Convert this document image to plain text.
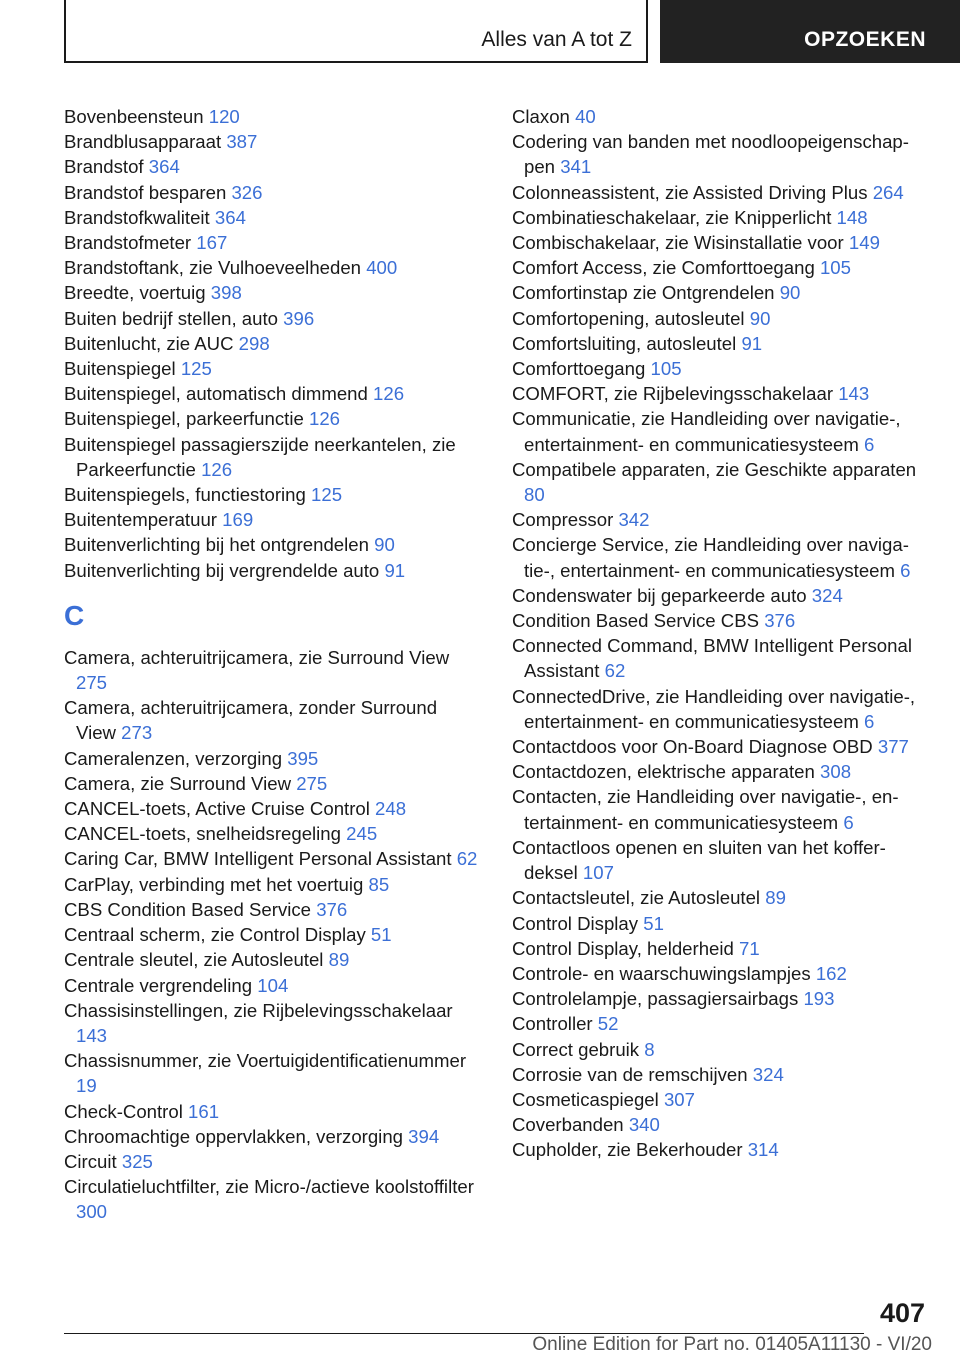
Alles van A tot Z	OPZOEKEN

Bovenbeensteun 120

Brandblusapparaat 387

Brandstof 364

Brandstof besparen 326

Brandstofkwaliteit 364

Brandstofmeter 167

Brandstoftank, zie Vulhoeveelheden 400

Breedte, voertuig 398

Buiten bedrijf stellen, auto 396

Buitenlucht, zie AUC 298

Buitenspiegel 125

Buitenspiegel, automatisch dimmend 126

Buitenspiegel, parkeerfunctie 126

Buitenspiegel passagierszijde neerkantelen, zie Parkeerfunctie 126

Buitenspiegels, functiestoring 125

Buitentemperatuur 169

Buitenverlichting bij het ontgrendelen 90

Buitenverlichting bij vergrendelde auto 91

C

Camera, achteruitrijcamera, zie Surround View 275

Camera, achteruitrijcamera, zonder Surround View 273

Cameralenzen, verzorging 395

Camera, zie Surround View 275

CANCEL-toets, Active Cruise Control 248

CANCEL-toets, snelheidsregeling 245

Caring Car, BMW Intelligent Personal Assistant 62

CarPlay, verbinding met het voertuig 85

CBS Condition Based Service 376

Centraal scherm, zie Control Display 51

Centrale sleutel, zie Autosleutel 89

Centrale vergrendeling 104

Chassisinstellingen, zie Rijbelevingsschakelaar 143

Chassisnummer, zie Voertuigidentificatienummer 19

Check-Control 161

Chroomachtige oppervlakken, verzorging 394

Circuit 325

Circulatieluchtfilter, zie Micro-/actieve koolstoffilter 300

Claxon 40

Codering van banden met noodloopeigenschappen 341

Colonneassistent, zie Assisted Driving Plus 264

Combinatieschakelaar, zie Knipperlicht 148

Combischakelaar, zie Wisinstallatie voor 149

Comfort Access, zie Comforttoegang 105

Comfortinstap zie Ontgrendelen 90

Comfortopening, autosleutel 90

Comfortsluiting, autosleutel 91

Comforttoegang 105

COMFORT, zie Rijbelevingsschakelaar 143

Communicatie, zie Handleiding over navigatie-, entertainment- en communicatiesysteem 6

Compatibele apparaten, zie Geschikte apparaten 80

Compressor 342

Concierge Service, zie Handleiding over navigatie-, entertainment- en communicatiesysteem 6

Condenswater bij geparkeerde auto 324

Condition Based Service CBS 376

Connected Command, BMW Intelligent Personal Assistant 62

ConnectedDrive, zie Handleiding over navigatie-, entertainment- en communicatiesysteem 6

Contactdoos voor On-Board Diagnose OBD 377

Contactdozen, elektrische apparaten 308

Contacten, zie Handleiding over navigatie-, entertainment- en communicatiesysteem 6

Contactloos openen en sluiten van het kofferdeksel 107

Contactsleutel, zie Autosleutel 89

Control Display 51

Control Display, helderheid 71

Controle- en waarschuwingslampjes 162

Controlelampje, passagiersairbags 193

Controller 52

Correct gebruik 8

Corrosie van de remschijven 324

Cosmeticaspiegel 307

Coverbanden 340

Cupholder, zie Bekerhouder 314

407
Online Edition for Part no. 01405A11130 - VI/20
